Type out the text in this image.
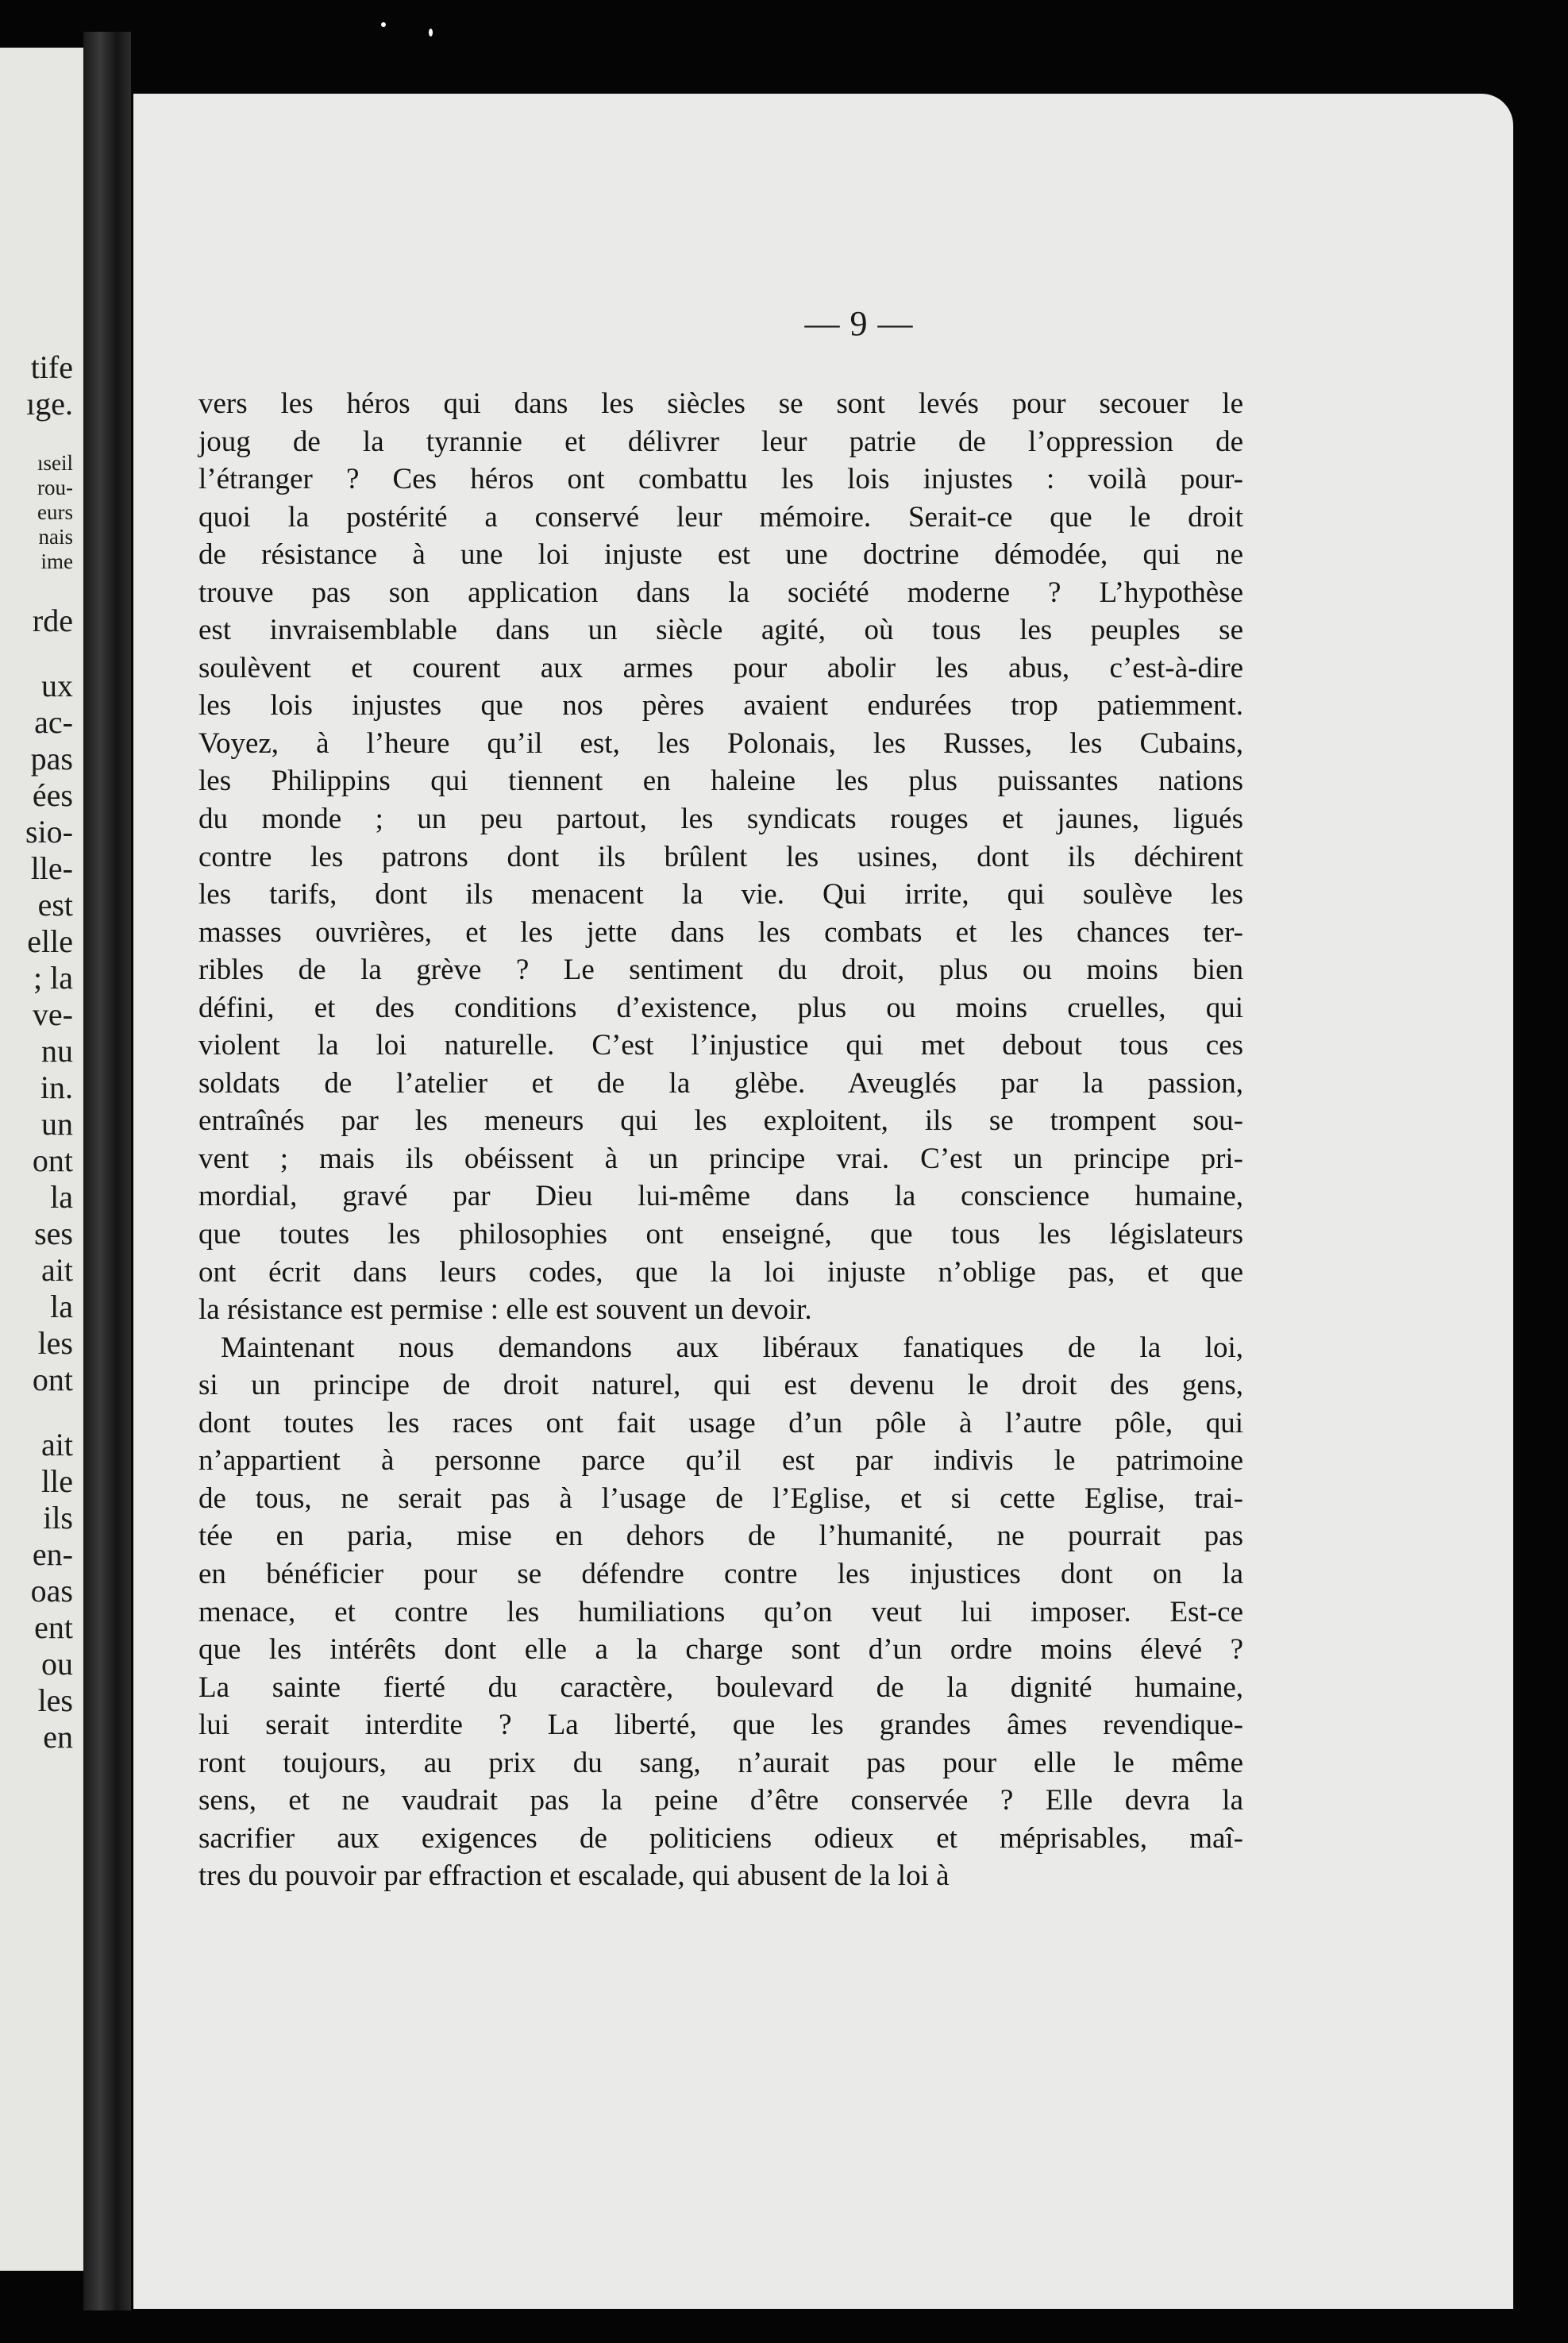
tife
ıge.
ıseil
rou-
eurs
nais
ime
rde
ux
ac-
pas
ées
sio-
lle-
est
elle
; la
ve-
nu
in.
un
ont
la
ses
ait
la
les
ont
ait
lle
ils
en-
oas
ent
ou
les
en
— 9 —
vers les héros qui dans les siècles se sont levés pour secouer le
joug de la tyrannie et délivrer leur patrie de l’oppression de
l’étranger ? Ces héros ont combattu les lois injustes : voilà pour-
quoi la postérité a conservé leur mémoire. Serait-ce que le droit
de résistance à une loi injuste est une doctrine démodée, qui ne
trouve pas son application dans la société moderne ? L’hypothèse
est invraisemblable dans un siècle agité, où tous les peuples se
soulèvent et courent aux armes pour abolir les abus, c’est-à-dire
les lois injustes que nos pères avaient endurées trop patiemment.
Voyez, à l’heure qu’il est, les Polonais, les Russes, les Cubains,
les Philippins qui tiennent en haleine les plus puissantes nations
du monde ; un peu partout, les syndicats rouges et jaunes, ligués
contre les patrons dont ils brûlent les usines, dont ils déchirent
les tarifs, dont ils menacent la vie. Qui irrite, qui soulève les
masses ouvrières, et les jette dans les combats et les chances ter-
ribles de la grève ? Le sentiment du droit, plus ou moins bien
défini, et des conditions d’existence, plus ou moins cruelles, qui
violent la loi naturelle. C’est l’injustice qui met debout tous ces
soldats de l’atelier et de la glèbe. Aveuglés par la passion,
entraînés par les meneurs qui les exploitent, ils se trompent sou-
vent ; mais ils obéissent à un principe vrai. C’est un principe pri-
mordial, gravé par Dieu lui-même dans la conscience humaine,
que toutes les philosophies ont enseigné, que tous les législateurs
ont écrit dans leurs codes, que la loi injuste n’oblige pas, et que
la résistance est permise : elle est souvent un devoir.
Maintenant nous demandons aux libéraux fanatiques de la loi,
si un principe de droit naturel, qui est devenu le droit des gens,
dont toutes les races ont fait usage d’un pôle à l’autre pôle, qui
n’appartient à personne parce qu’il est par indivis le patrimoine
de tous, ne serait pas à l’usage de l’Eglise, et si cette Eglise, trai-
tée en paria, mise en dehors de l’humanité, ne pourrait pas
en bénéficier pour se défendre contre les injustices dont on la
menace, et contre les humiliations qu’on veut lui imposer. Est-ce
que les intérêts dont elle a la charge sont d’un ordre moins élevé ?
La sainte fierté du caractère, boulevard de la dignité humaine,
lui serait interdite ? La liberté, que les grandes âmes revendique-
ront toujours, au prix du sang, n’aurait pas pour elle le même
sens, et ne vaudrait pas la peine d’être conservée ? Elle devra la
sacrifier aux exigences de politiciens odieux et méprisables, maî-
tres du pouvoir par effraction et escalade, qui abusent de la loi à
